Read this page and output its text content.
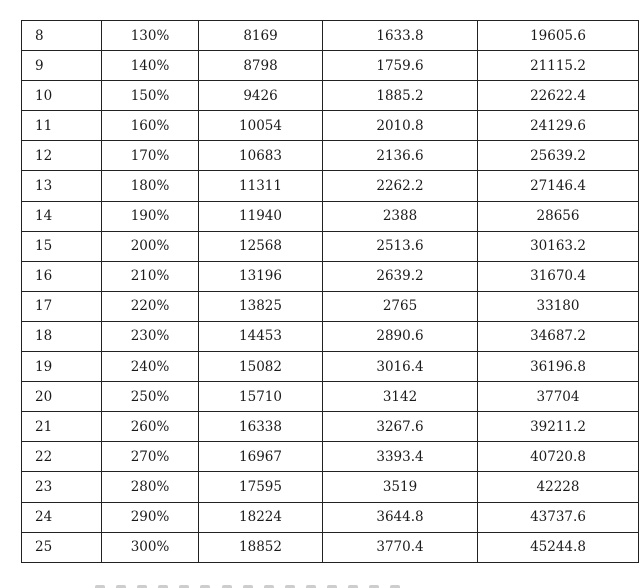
8	130%	8169	1633.8	19605.6
9	140%	8798	1759.6	21115.2
10	150%	9426	1885.2	22622.4
11	160%	10054	2010.8	24129.6
12	170%	10683	2136.6	25639.2
13	180%	11311	2262.2	27146.4
14	190%	11940	2388	28656
15	200%	12568	2513.6	30163.2
16	210%	13196	2639.2	31670.4
17	220%	13825	2765	33180
18	230%	14453	2890.6	34687.2
19	240%	15082	3016.4	36196.8
20	250%	15710	3142	37704
21	260%	16338	3267.6	39211.2
22	270%	16967	3393.4	40720.8
23	280%	17595	3519	42228
24	290%	18224	3644.8	43737.6
25	300%	18852	3770.4	45244.8
